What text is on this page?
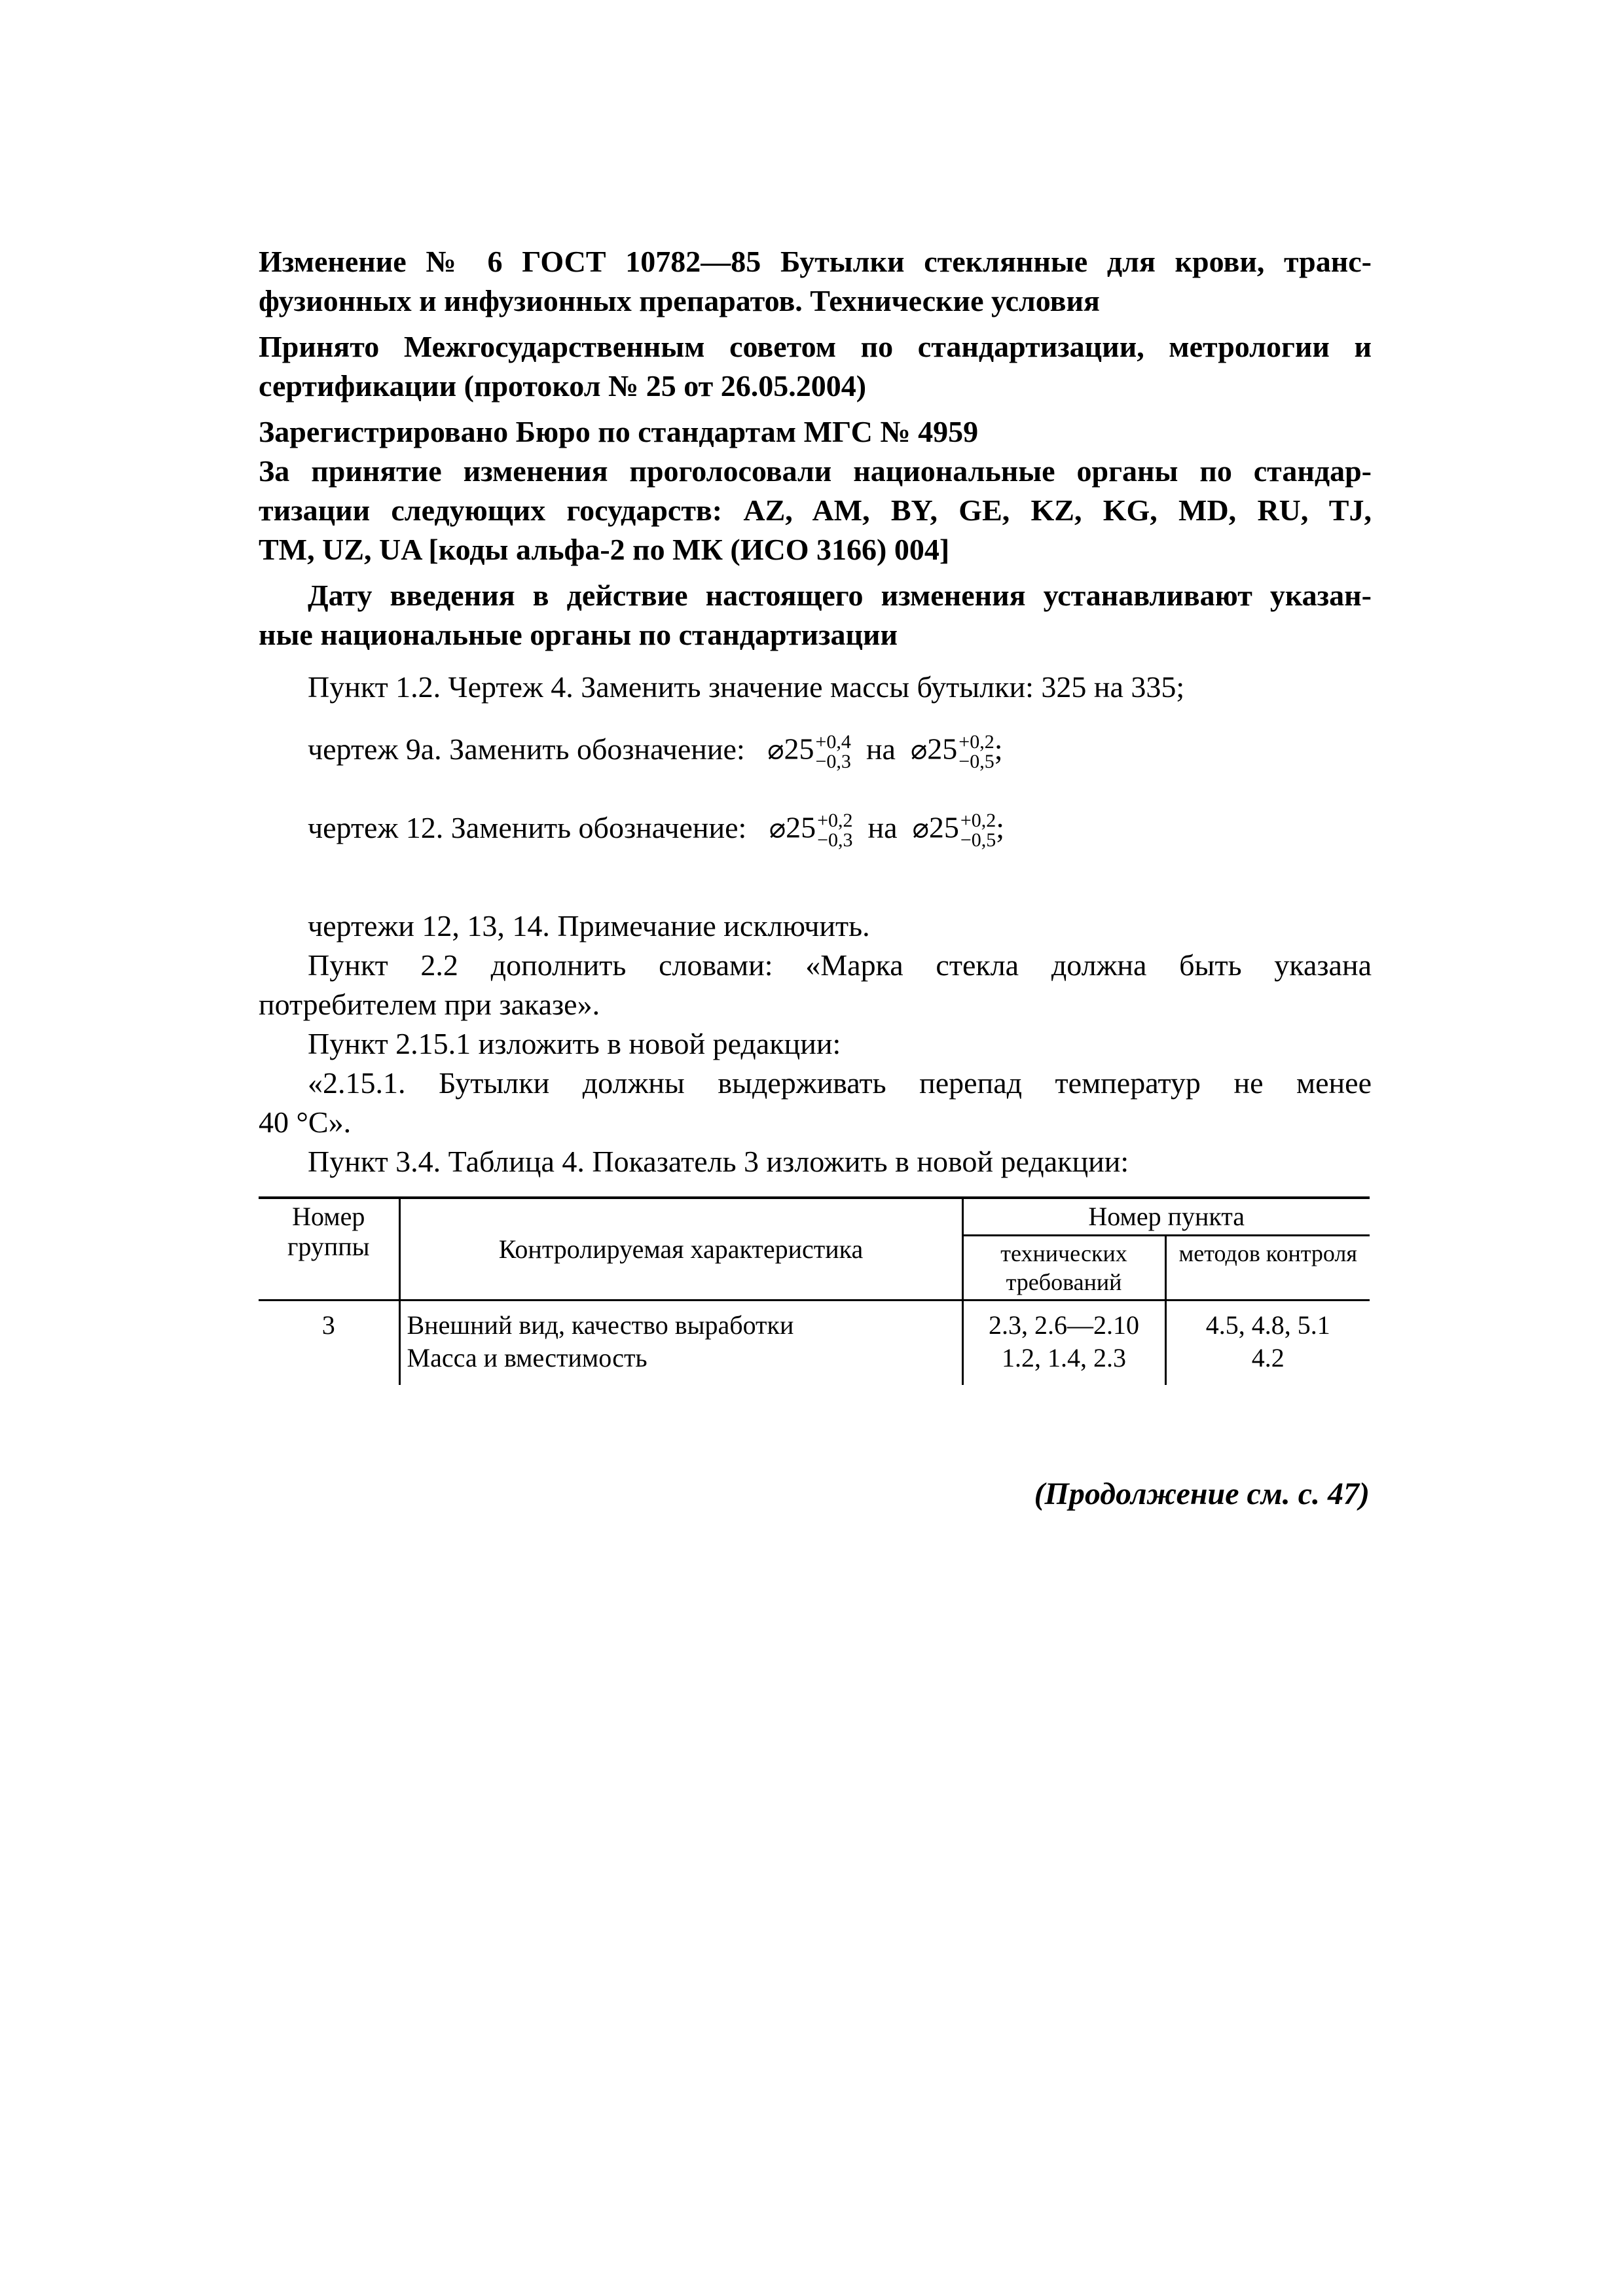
Изменение № 6 ГОСТ 10782—85 Бутылки стеклянные для крови, транс-
фузионных и инфузионных препаратов. Технические условия
Принято Межгосударственным советом по стандартизации, метрологии и
сертификации (протокол № 25 от 26.05.2004)
Зарегистрировано Бюро по стандартам МГС № 4959
За принятие изменения проголосовали национальные органы по стандар-
тизации следующих государств: AZ, AM, BY, GE, KZ, KG, MD, RU, TJ,
TM, UZ, UA [коды альфа-2 по МК (ИСО 3166) 004]
Дату введения в действие настоящего изменения устанавливают указан-
ные национальные органы по стандартизации
Пункт 1.2. Чертеж 4. Заменить значение массы бутылки: 325 на 335;
чертеж 9а. Заменить обозначение: ⌀25 +0,4
−0,3 на ⌀25 +0,2
−0,5 ;
чертеж 12. Заменить обозначение: ⌀25 +0,2
−0,3 на ⌀25 +0,2
−0,5 ;
чертежи 12, 13, 14. Примечание исключить.
Пункт 2.2 дополнить словами: «Марка стекла должна быть указана
потребителем при заказе».
Пункт 2.15.1 изложить в новой редакции:
«2.15.1. Бутылки должны выдерживать перепад температур не менее
40 °С».
Пункт 3.4. Таблица 4. Показатель 3 изложить в новой редакции:
Номер группы	Контролируемая характеристика	Номер пункта	
		технических требований	методов контроля
3	Внешний вид, качество выработки	2.3, 2.6—2.10	4.5, 4.8, 5.1
	Масса и вместимость	1.2, 1.4, 2.3	4.2
(Продолжение см. с. 47)
